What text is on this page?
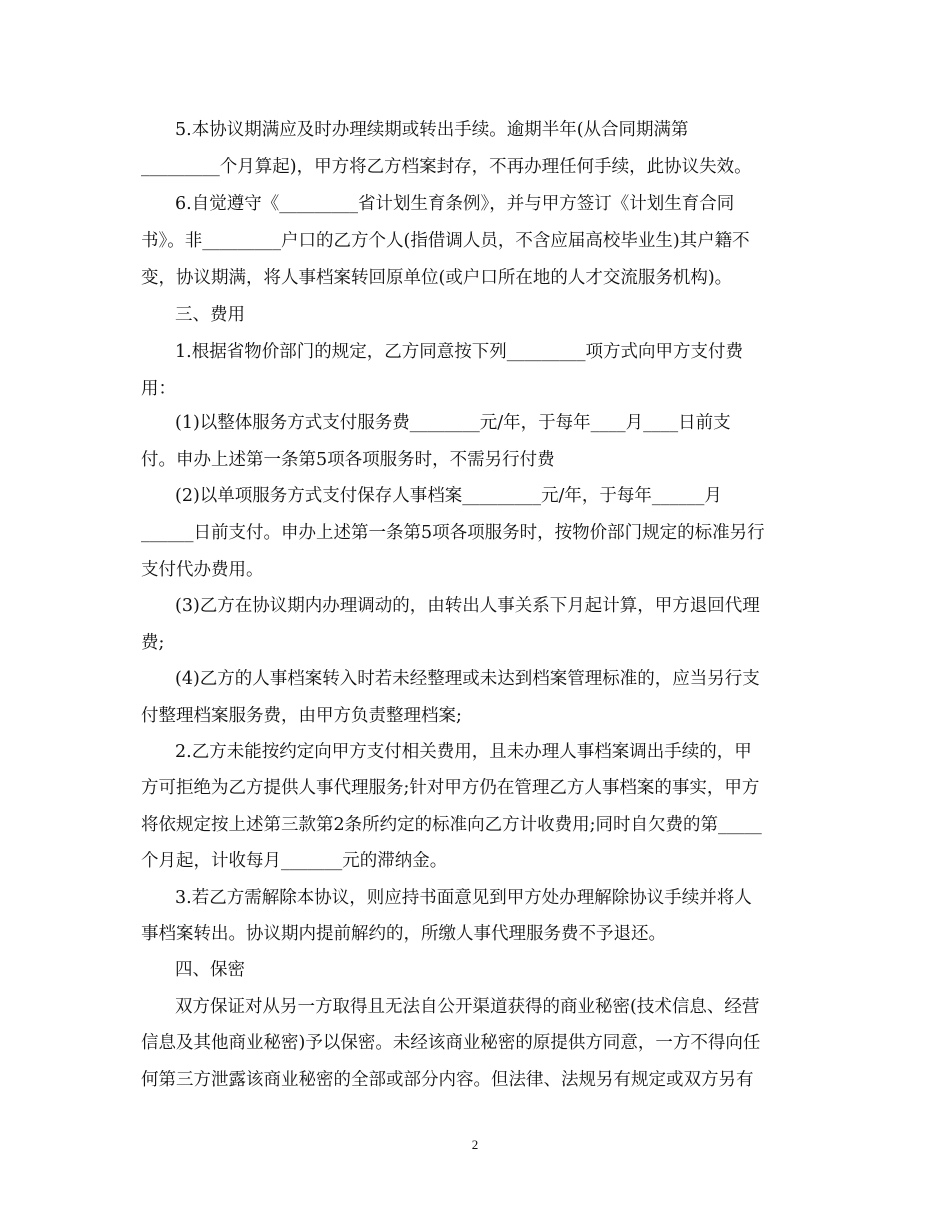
5.本协议期满应及时办理续期或转出手续。逾期半年(从合同期满第
_________个月算起)，甲方将乙方档案封存，不再办理任何手续，此协议失效。
6.自觉遵守《_________省计划生育条例》，并与甲方签订《计划生育合同
书》。非_________户口的乙方个人(指借调人员，不含应届高校毕业生)其户籍不
变，协议期满，将人事档案转回原单位(或户口所在地的人才交流服务机构)。
三、费用
1.根据省物价部门的规定，乙方同意按下列_________项方式向甲方支付费
用：
(1)以整体服务方式支付服务费________元/年，于每年____月____日前支
付。申办上述第一条第5项各项服务时，不需另行付费
(2)以单项服务方式支付保存人事档案_________元/年，于每年______月
______日前支付。申办上述第一条第5项各项服务时，按物价部门规定的标准另行
支付代办费用。
(3)乙方在协议期内办理调动的，由转出人事关系下月起计算，甲方退回代理
费;
(4)乙方的人事档案转入时若未经整理或未达到档案管理标准的，应当另行支
付整理档案服务费，由甲方负责整理档案;
2.乙方未能按约定向甲方支付相关费用，且未办理人事档案调出手续的，甲
方可拒绝为乙方提供人事代理服务;针对甲方仍在管理乙方人事档案的事实，甲方
将依规定按上述第三款第2条所约定的标准向乙方计收费用;同时自欠费的第_____
个月起，计收每月_______元的滞纳金。
3.若乙方需解除本协议，则应持书面意见到甲方处办理解除协议手续并将人
事档案转出。协议期内提前解约的，所缴人事代理服务费不予退还。
四、保密
双方保证对从另一方取得且无法自公开渠道获得的商业秘密(技术信息、经营
信息及其他商业秘密)予以保密。未经该商业秘密的原提供方同意，一方不得向任
何第三方泄露该商业秘密的全部或部分内容。但法律、法规另有规定或双方另有
2
